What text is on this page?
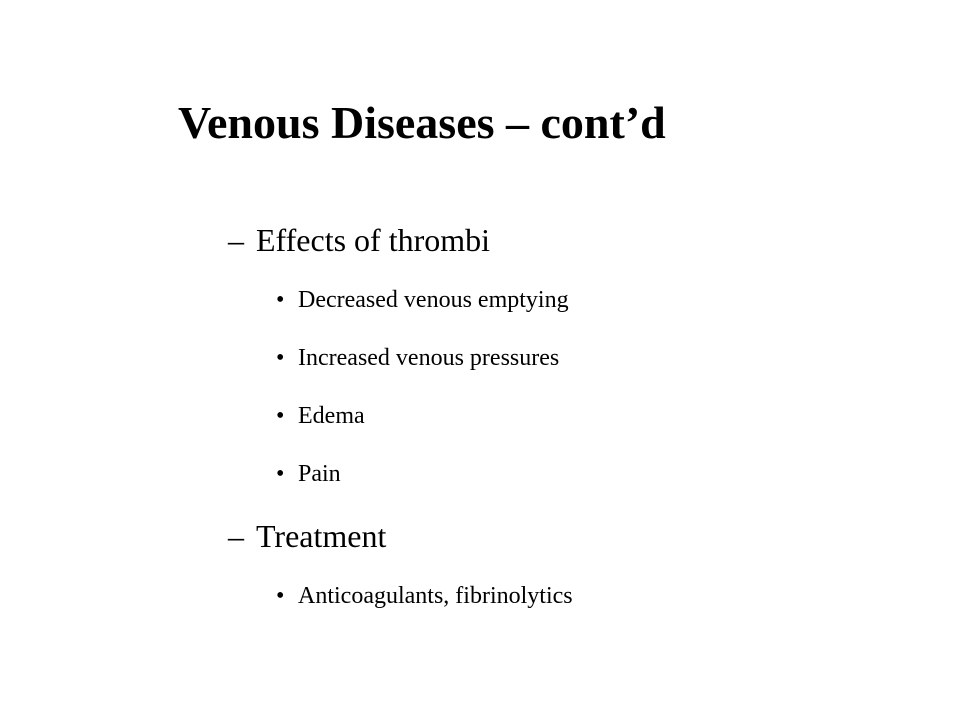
Venous Diseases – cont’d
– Effects of thrombi
• Decreased venous emptying
• Increased venous pressures
• Edema
• Pain
– Treatment
• Anticoagulants, fibrinolytics
